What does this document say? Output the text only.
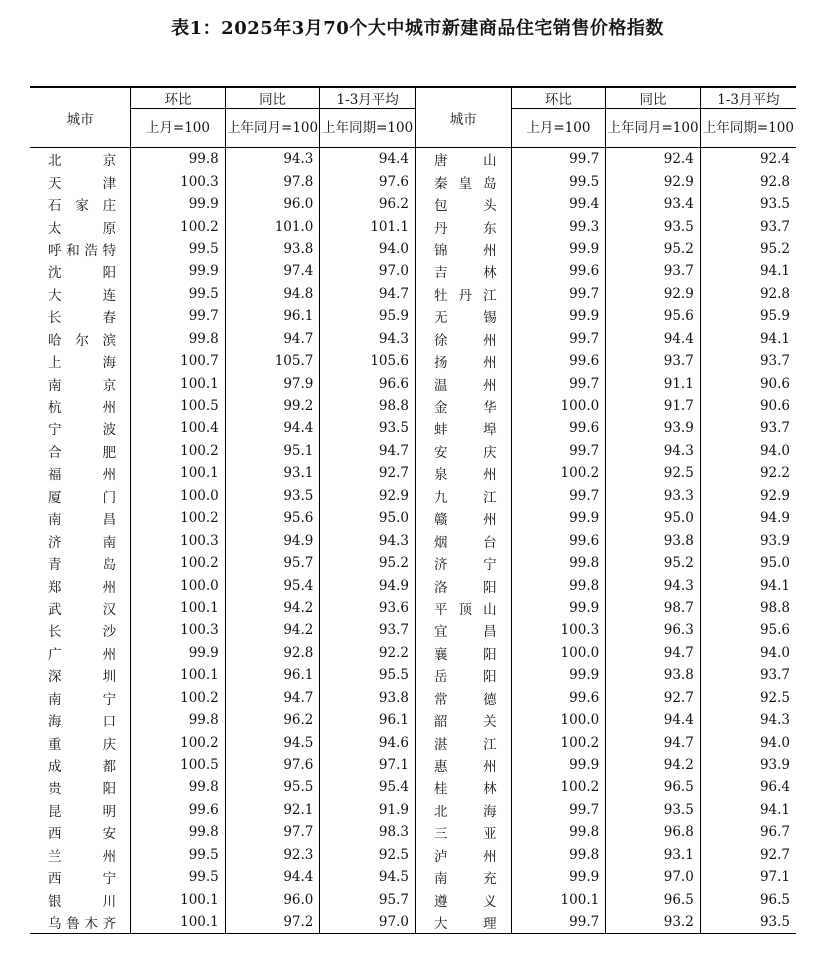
表1：2025年3月70个大中城市新建商品住宅销售价格指数
城市	环比	同比	1-3月平均	城市	环比	同比	1-3月平均
	上月=100	上年同月=100	上年同期=100		上月=100	上年同月=100	上年同期=100
北京	99.8	94.3	94.4	唐山	99.7	92.4	92.4
天津	100.3	97.8	97.6	秦皇岛	99.5	92.9	92.8
石家庄	99.9	96.0	96.2	包头	99.4	93.4	93.5
太原	100.2	101.0	101.1	丹东	99.3	93.5	93.7
呼和浩特	99.5	93.8	94.0	锦州	99.9	95.2	95.2
沈阳	99.9	97.4	97.0	吉林	99.6	93.7	94.1
大连	99.5	94.8	94.7	牡丹江	99.7	92.9	92.8
长春	99.7	96.1	95.9	无锡	99.9	95.6	95.9
哈尔滨	99.8	94.7	94.3	徐州	99.7	94.4	94.1
上海	100.7	105.7	105.6	扬州	99.6	93.7	93.7
南京	100.1	97.9	96.6	温州	99.7	91.1	90.6
杭州	100.5	99.2	98.8	金华	100.0	91.7	90.6
宁波	100.4	94.4	93.5	蚌埠	99.6	93.9	93.7
合肥	100.2	95.1	94.7	安庆	99.7	94.3	94.0
福州	100.1	93.1	92.7	泉州	100.2	92.5	92.2
厦门	100.0	93.5	92.9	九江	99.7	93.3	92.9
南昌	100.2	95.6	95.0	赣州	99.9	95.0	94.9
济南	100.3	94.9	94.3	烟台	99.6	93.8	93.9
青岛	100.2	95.7	95.2	济宁	99.8	95.2	95.0
郑州	100.0	95.4	94.9	洛阳	99.8	94.3	94.1
武汉	100.1	94.2	93.6	平顶山	99.9	98.7	98.8
长沙	100.3	94.2	93.7	宜昌	100.3	96.3	95.6
广州	99.9	92.8	92.2	襄阳	100.0	94.7	94.0
深圳	100.1	96.1	95.5	岳阳	99.9	93.8	93.7
南宁	100.2	94.7	93.8	常德	99.6	92.7	92.5
海口	99.8	96.2	96.1	韶关	100.0	94.4	94.3
重庆	100.2	94.5	94.6	湛江	100.2	94.7	94.0
成都	100.5	97.6	97.1	惠州	99.9	94.2	93.9
贵阳	99.8	95.5	95.4	桂林	100.2	96.5	96.4
昆明	99.6	92.1	91.9	北海	99.7	93.5	94.1
西安	99.8	97.7	98.3	三亚	99.8	96.8	96.7
兰州	99.5	92.3	92.5	泸州	99.8	93.1	92.7
西宁	99.5	94.4	94.5	南充	99.9	97.0	97.1
银川	100.1	96.0	95.7	遵义	100.1	96.5	96.5
乌鲁木齐	100.1	97.2	97.0	大理	99.7	93.2	93.5
